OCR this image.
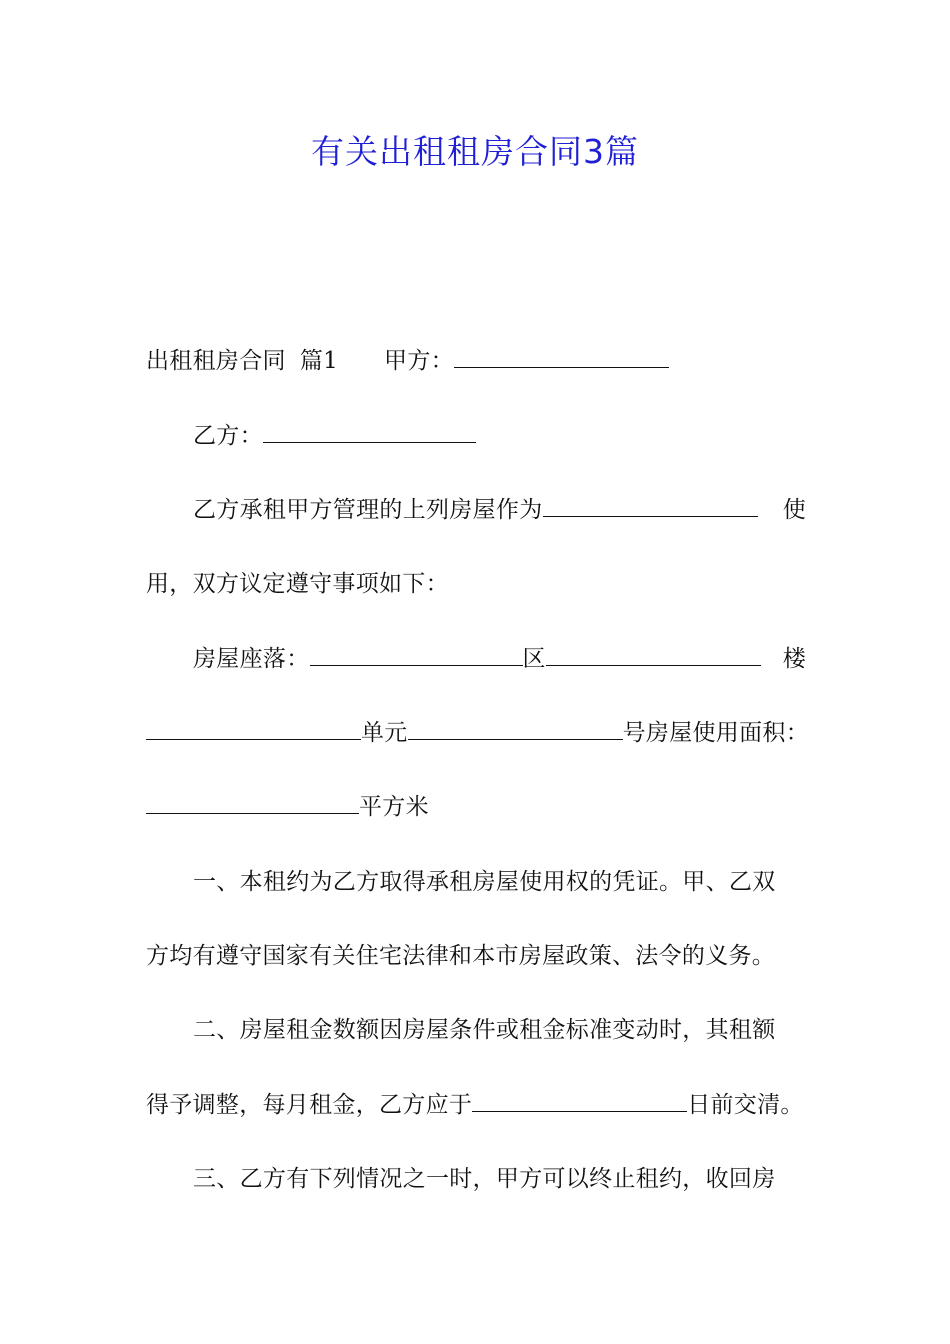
有关出租租房合同3篇
出租租房合同 篇1 甲方：
乙方：
乙方承租甲方管理的上列房屋作为	使
用，双方议定遵守事项如下：
房屋座落：	区	楼
单元	号房屋使用面积：
平方米
一、本租约为乙方取得承租房屋使用权的凭证。甲、乙双
方均有遵守国家有关住宅法律和本市房屋政策、法令的义务。
二、房屋租金数额因房屋条件或租金标准变动时，其租额
得予调整，每月租金，乙方应于	日前交清。
三、乙方有下列情况之一时，甲方可以终止租约，收回房
